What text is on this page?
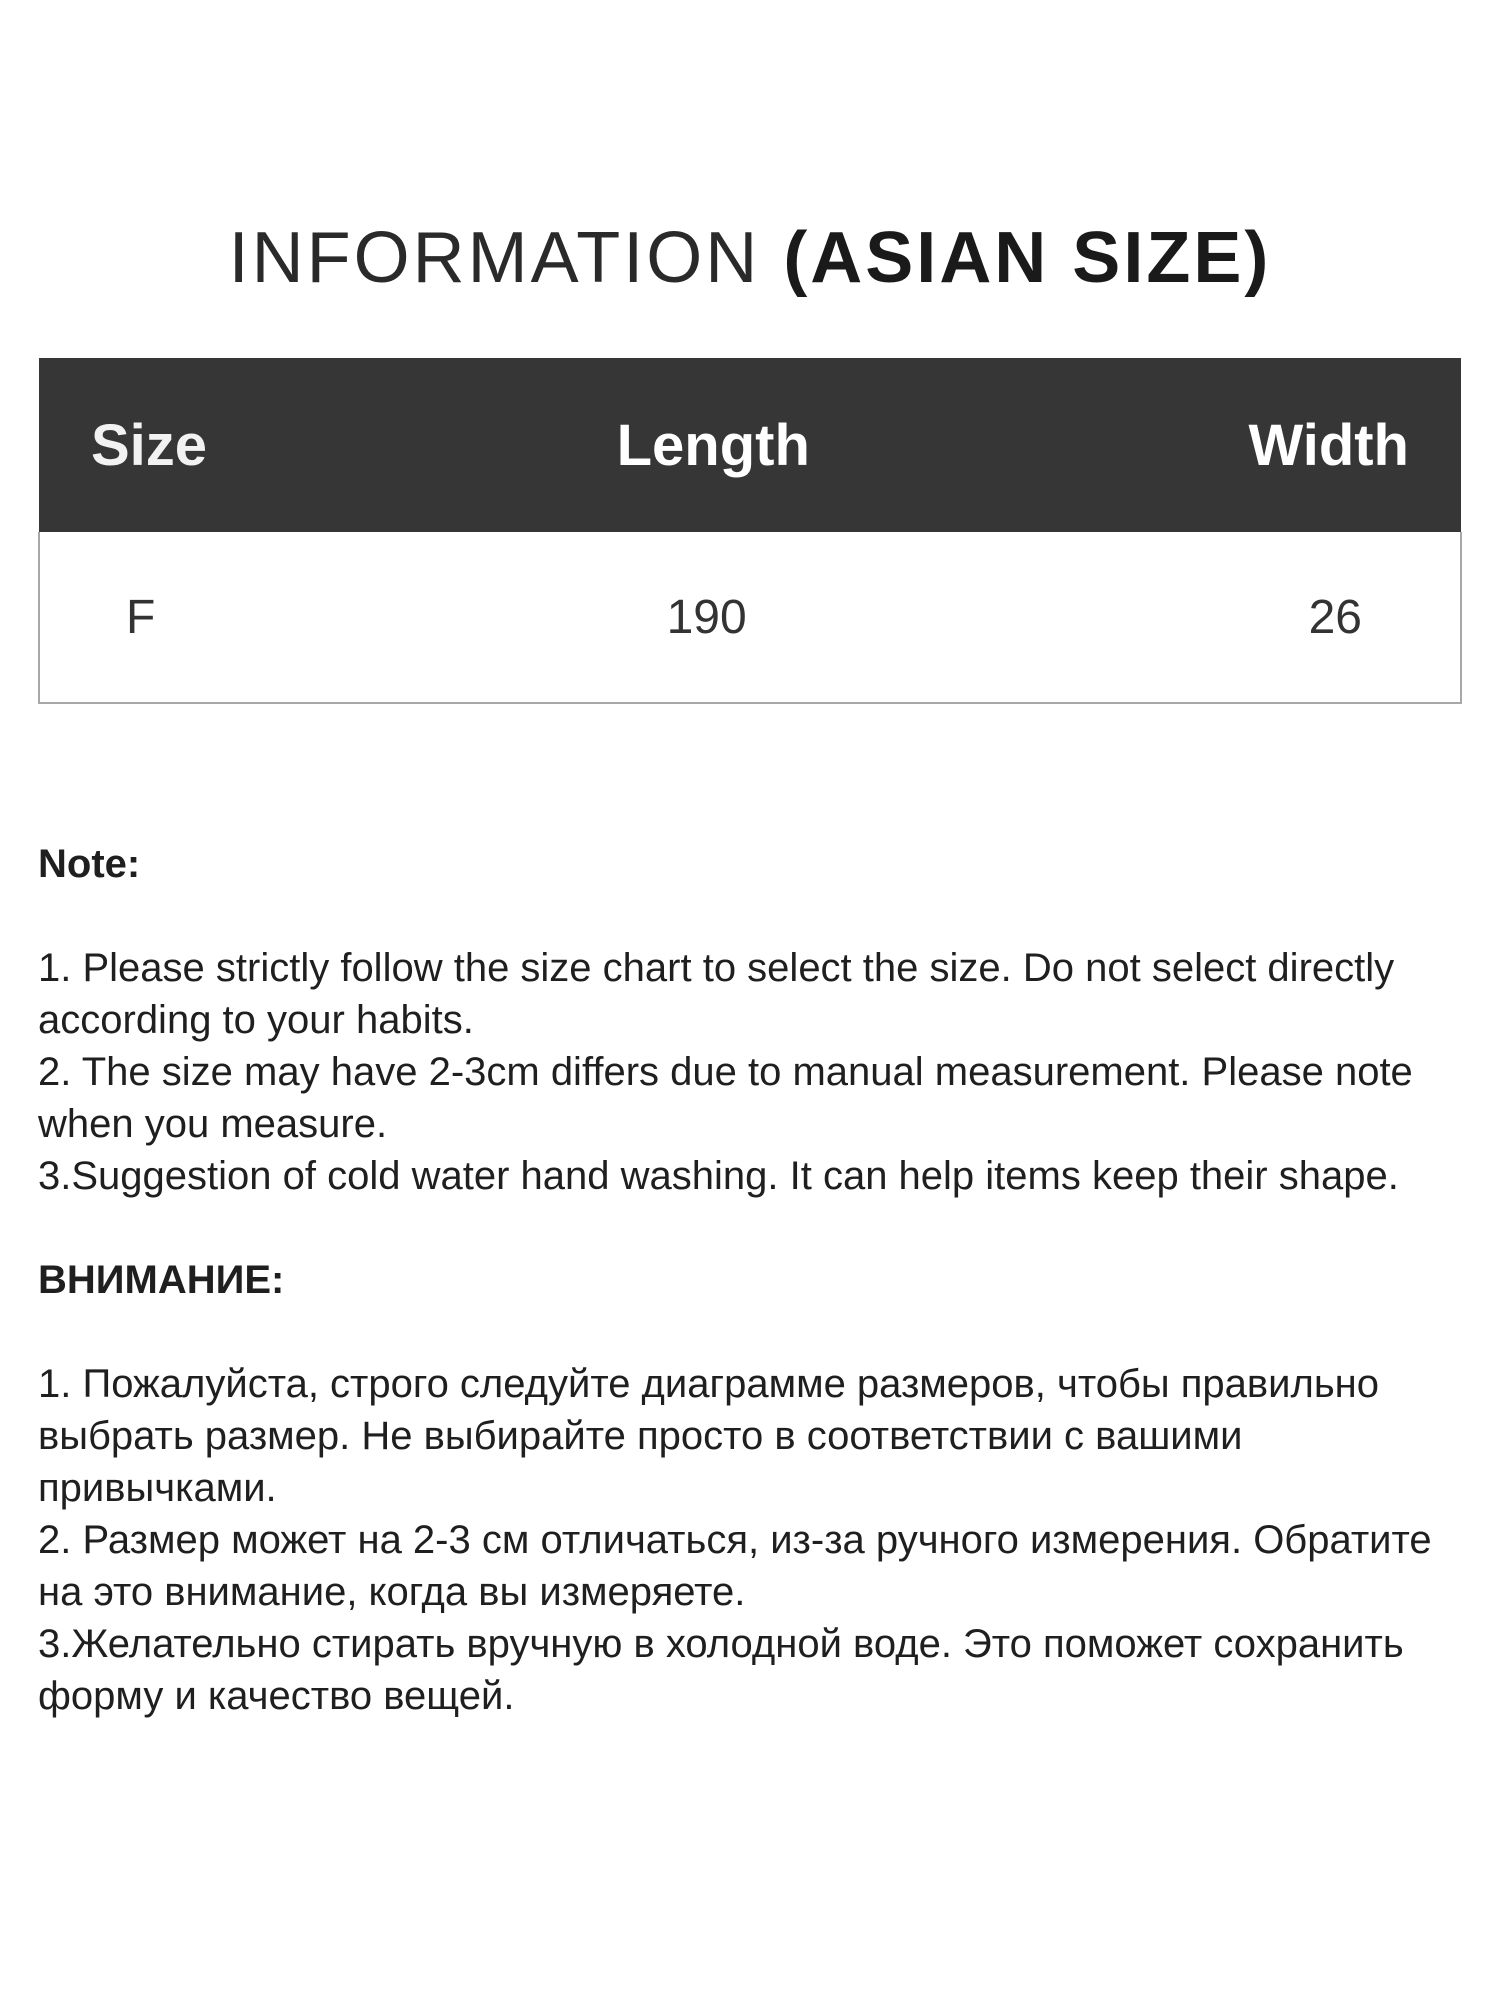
INFORMATION (ASIAN SIZE)
Size	Length	Width
F	190	26
Note:

1. Please strictly follow the size chart to select the size. Do not select directly according to your habits.

2. The size may have 2-3cm differs due to manual measurement. Please note when you measure.

3.Suggestion of cold water hand washing. It can help items keep their shape.

ВНИМАНИЕ:

1. Пожалуйста, строго следуйте диаграмме размеров, чтобы правильно выбрать размер. Не выбирайте просто в соответствии с вашими привычками.

2. Размер может на 2-3 см отличаться, из-за ручного измерения. Обратите на это внимание, когда вы измеряете.

3.Желательно стирать вручную в холодной воде. Это поможет сохранить форму и качество вещей.
